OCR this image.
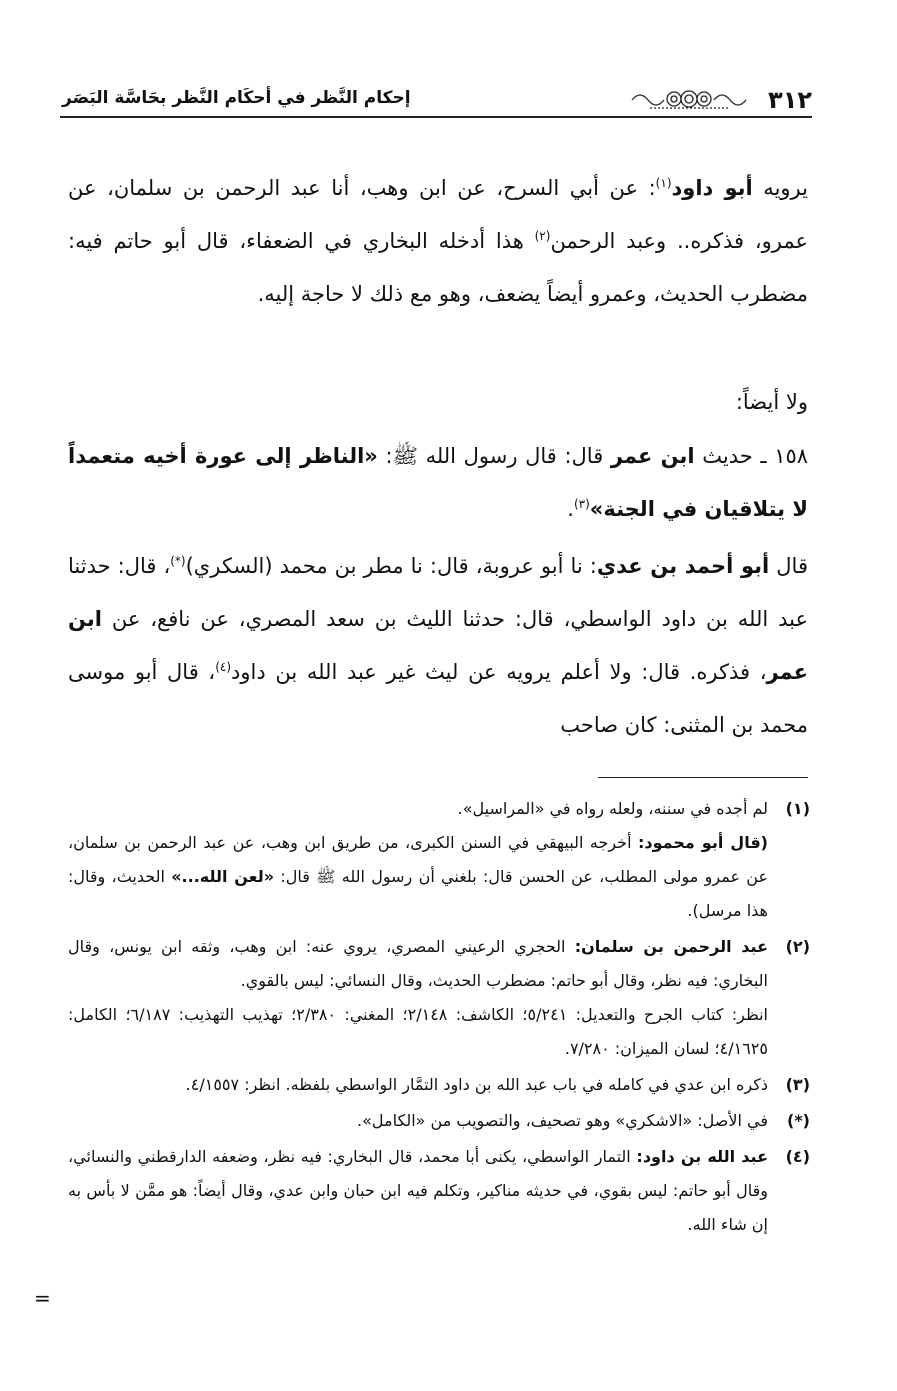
٣١٢
إحكام النَّظر في أحكَام النَّظر بحَاسَّة البَصَر

يرويه أبو داود$^{(١)}$: عن أبي السرح، عن ابن وهب، أنا عبد الرحمن بن سلمان، عن عمرو، فذكره.. وعبد الرحمن$^{(٢)}$ هذا أدخله البخاري في الضعفاء، قال أبو حاتم فيه: مضطرب الحديث، وعمرو أيضاً يضعف، وهو مع ذلك لا حاجة إليه.

ولا أيضاً:

١٥٨ ـ حديث ابن عمر قال: قال رسول الله ﷺ: «الناظر إلى عورة أخيه متعمداً لا يتلاقيان في الجنة»$^{(٣)}$.

قال أبو أحمد بن عدي: نا أبو عروبة، قال: نا مطر بن محمد (السكري)(*)، قال: حدثنا عبد الله بن داود الواسطي، قال: حدثنا الليث بن سعد المصري، عن نافع، عن ابن عمر، فذكره. قال: ولا أعلم يرويه عن ليث غير عبد الله بن داود$^{(٤)}$، قال أبو موسى محمد بن المثنى: كان صاحب

(١)
لم أجده في سننه، ولعله رواه في «المراسيل».
(قال أبو محمود: أخرجه البيهقي في السنن الكبرى، من طريق ابن وهب، عن عبد الرحمن بن سلمان، عن عمرو مولى المطلب، عن الحسن قال: بلغني أن رسول الله ﷺ قال: «لعن الله...» الحديث، وقال: هذا مرسل).
(٢)
عبد الرحمن بن سلمان: الحجري الرعيني المصري، يروي عنه: ابن وهب، وثقه ابن يونس، وقال البخاري: فيه نظر، وقال أبو حاتم: مضطرب الحديث، وقال النسائي: ليس بالقوي.
انظر: كتاب الجرح والتعديل: ٥/٢٤١؛ الكاشف: ٢/١٤٨؛ المغني: ٢/٣٨٠؛ تهذيب التهذيب: ٦/١٨٧؛ الكامل: ٤/١٦٢٥؛ لسان الميزان: ٧/٢٨٠.
(٣)
ذكره ابن عدي في كامله في باب عبد الله بن داود التمَّار الواسطي بلفظه. انظر: ٤/١٥٥٧.
(*)
في الأصل: «الاشكري» وهو تصحيف، والتصويب من «الكامل».
(٤)
عبد الله بن داود: التمار الواسطي، يكنى أبا محمد، قال البخاري: فيه نظر، وضعفه الدارقطني والنسائي، وقال أبو حاتم: ليس بقوي، في حديثه مناكير، وتكلم فيه ابن حبان وابن عدي، وقال أيضاً: هو ممَّن لا بأس به إن شاء الله.
=
